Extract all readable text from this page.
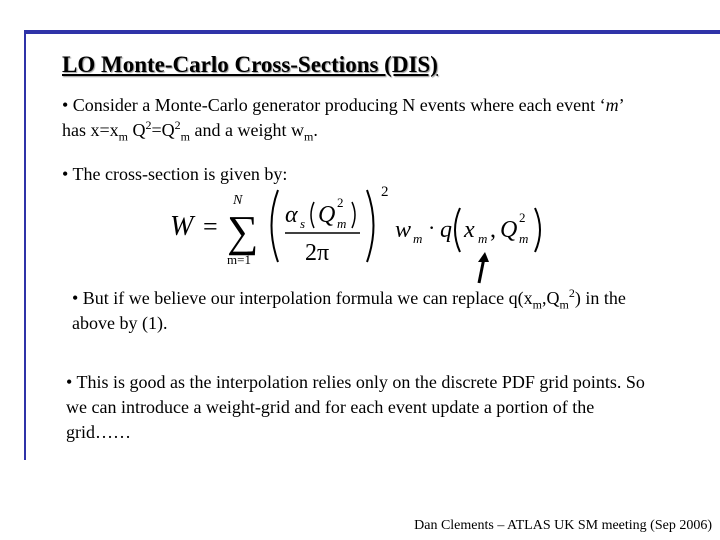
LO Monte-Carlo Cross-Sections (DIS)
• Consider a Monte-Carlo generator producing N events where each event ‘m’ has $x=x_m$ $Q^2=Q^2_m$ and a weight $w_m$.
• The cross-section is given by:
W =
N
∑
m=1
α s Q 2
m
2π
2
w m · q x m , Q 2
m
• But if we believe our interpolation formula we can replace $q(x_m,Q_m^2)$ in the above by (1).
• This is good as the interpolation relies only on the discrete PDF grid points. So we can introduce a weight-grid and for each event update a portion of the grid……
Dan Clements – ATLAS UK SM meeting (Sep 2006)
